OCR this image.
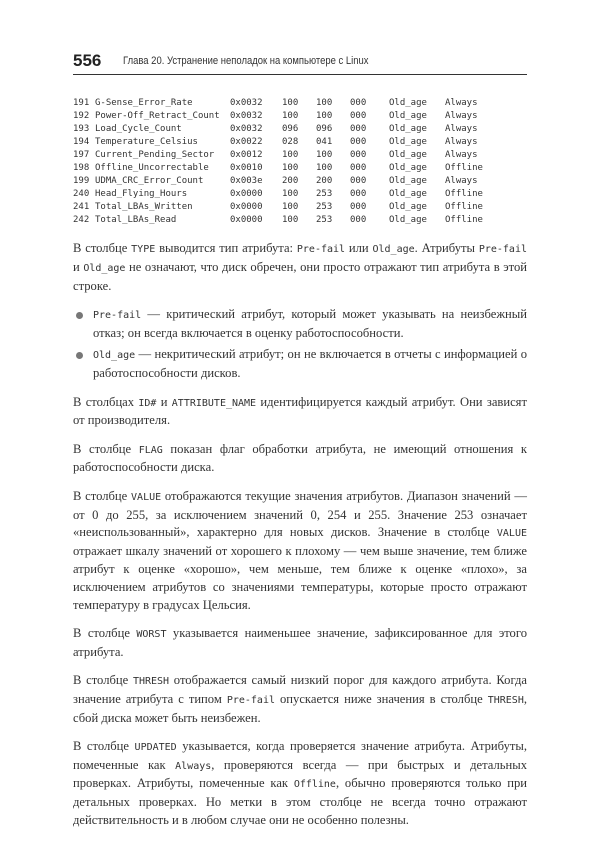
556 Глава 20. Устранение неполадок на компьютере с Linux
191 G-Sense_Error_Rate	0x0032 100 100 000	Old_age Always
192 Power-Off_Retract_Count 0x0032 100 100 000	Old_age Always
193 Load_Cycle_Count	0x0032 096 096 000	Old_age Always
194 Temperature_Celsius	0x0022 028 041 000	Old_age Always
197 Current_Pending_Sector 0x0012 100 100 000	Old_age Always
198 Offline_Uncorrectable 0x0010 100 100 000	Old_age Offline
199 UDMA_CRC_Error_Count	0x003e 200 200 000	Old_age Always
240 Head_Flying_Hours	0x0000 100 253 000	Old_age Offline
241 Total_LBAs_Written	0x0000 100 253 000	Old_age Offline
242 Total_LBAs_Read	0x0000 100 253 000	Old_age Offline

В столбце TYPE выводится тип атрибута: Pre-fail или Old_age. Атрибуты Pre-fail и Old_age не означают, что диск обречен, они просто отражают тип атрибута в этой строке.

Pre-fail — критический атрибут, который может указывать на неизбежный отказ; он всегда включается в оценку работоспособности.
Old_age — некритический атрибут; он не включается в отчеты с информацией о работоспособности дисков.

В столбцах ID# и ATTRIBUTE_NAME идентифицируется каждый атрибут. Они зависят от производителя.

В столбце FLAG показан флаг обработки атрибута, не имеющий отношения к работоспособности диска.

В столбце VALUE отображаются текущие значения атрибутов. Диапазон значений — от 0 до 255, за исключением значений 0, 254 и 255. Значение 253 означает «неиспользованный», характерно для новых дисков. Значение в столбце VALUE отражает шкалу значений от хорошего к плохому — чем выше значение, тем ближе атрибут к оценке «хорошо», чем меньше, тем ближе к оценке «плохо», за исключением атрибутов со значениями температуры, которые просто отражают температуру в градусах Цельсия.

В столбце WORST указывается наименьшее значение, зафиксированное для этого атрибута.

В столбце THRESH отображается самый низкий порог для каждого атрибута. Когда значение атрибута с типом Pre-fail опускается ниже значения в столбце THRESH, сбой диска может быть неизбежен.

В столбце UPDATED указывается, когда проверяется значение атрибута. Атрибуты, помеченные как Always, проверяются всегда — при быстрых и детальных проверках. Атрибуты, помеченные как Offline, обычно проверяются только при детальных проверках. Но метки в этом столбце не всегда точно отражают действительность и в любом случае они не особенно полезны.
